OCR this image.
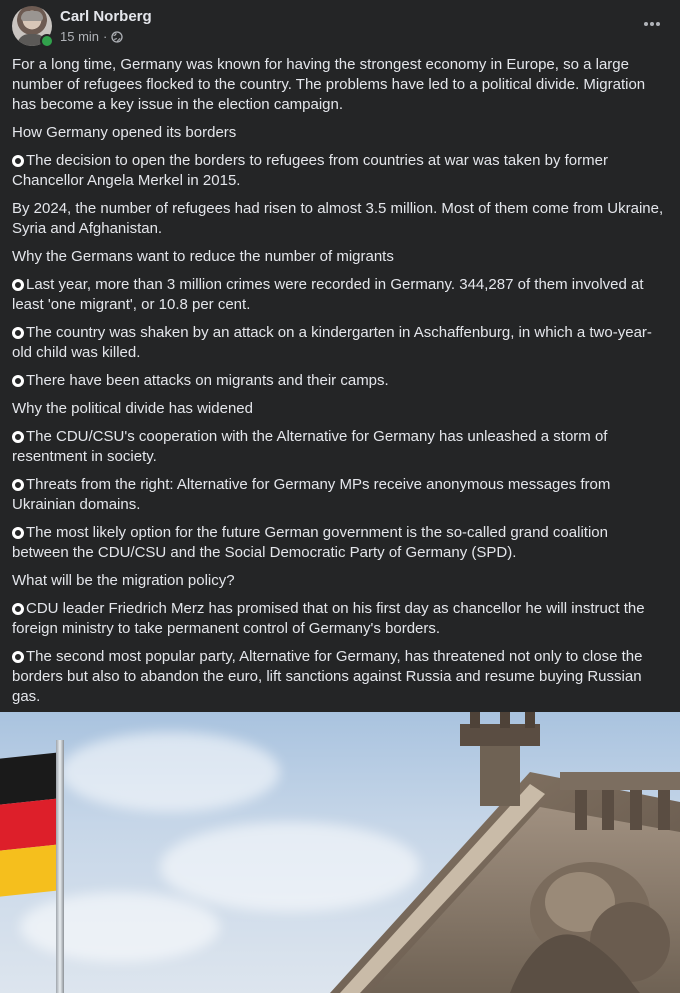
Carl Norberg
15 min ·

For a long time, Germany was known for having the strongest economy in Europe, so a large number of refugees flocked to the country. The problems have led to a political divide. Migration has become a key issue in the election campaign.

How Germany opened its borders

The decision to open the borders to refugees from countries at war was taken by former Chancellor Angela Merkel in 2015.

By 2024, the number of refugees had risen to almost 3.5 million. Most of them come from Ukraine, Syria and Afghanistan.

Why the Germans want to reduce the number of migrants

Last year, more than 3 million crimes were recorded in Germany. 344,287 of them involved at least 'one migrant', or 10.8 per cent.

The country was shaken by an attack on a kindergarten in Aschaffenburg, in which a two-year-old child was killed.

There have been attacks on migrants and their camps.

Why the political divide has widened

The CDU/CSU's cooperation with the Alternative for Germany has unleashed a storm of resentment in society.

Threats from the right: Alternative for Germany MPs receive anonymous messages from Ukrainian domains.

The most likely option for the future German government is the so-called grand coalition between the CDU/CSU and the Social Democratic Party of Germany (SPD).

What will be the migration policy?

CDU leader Friedrich Merz has promised that on his first day as chancellor he will instruct the foreign ministry to take permanent control of Germany's borders.

The second most popular party, Alternative for Germany, has threatened not only to close the borders but also to abandon the euro, lift sanctions against Russia and resume buying Russian gas.
